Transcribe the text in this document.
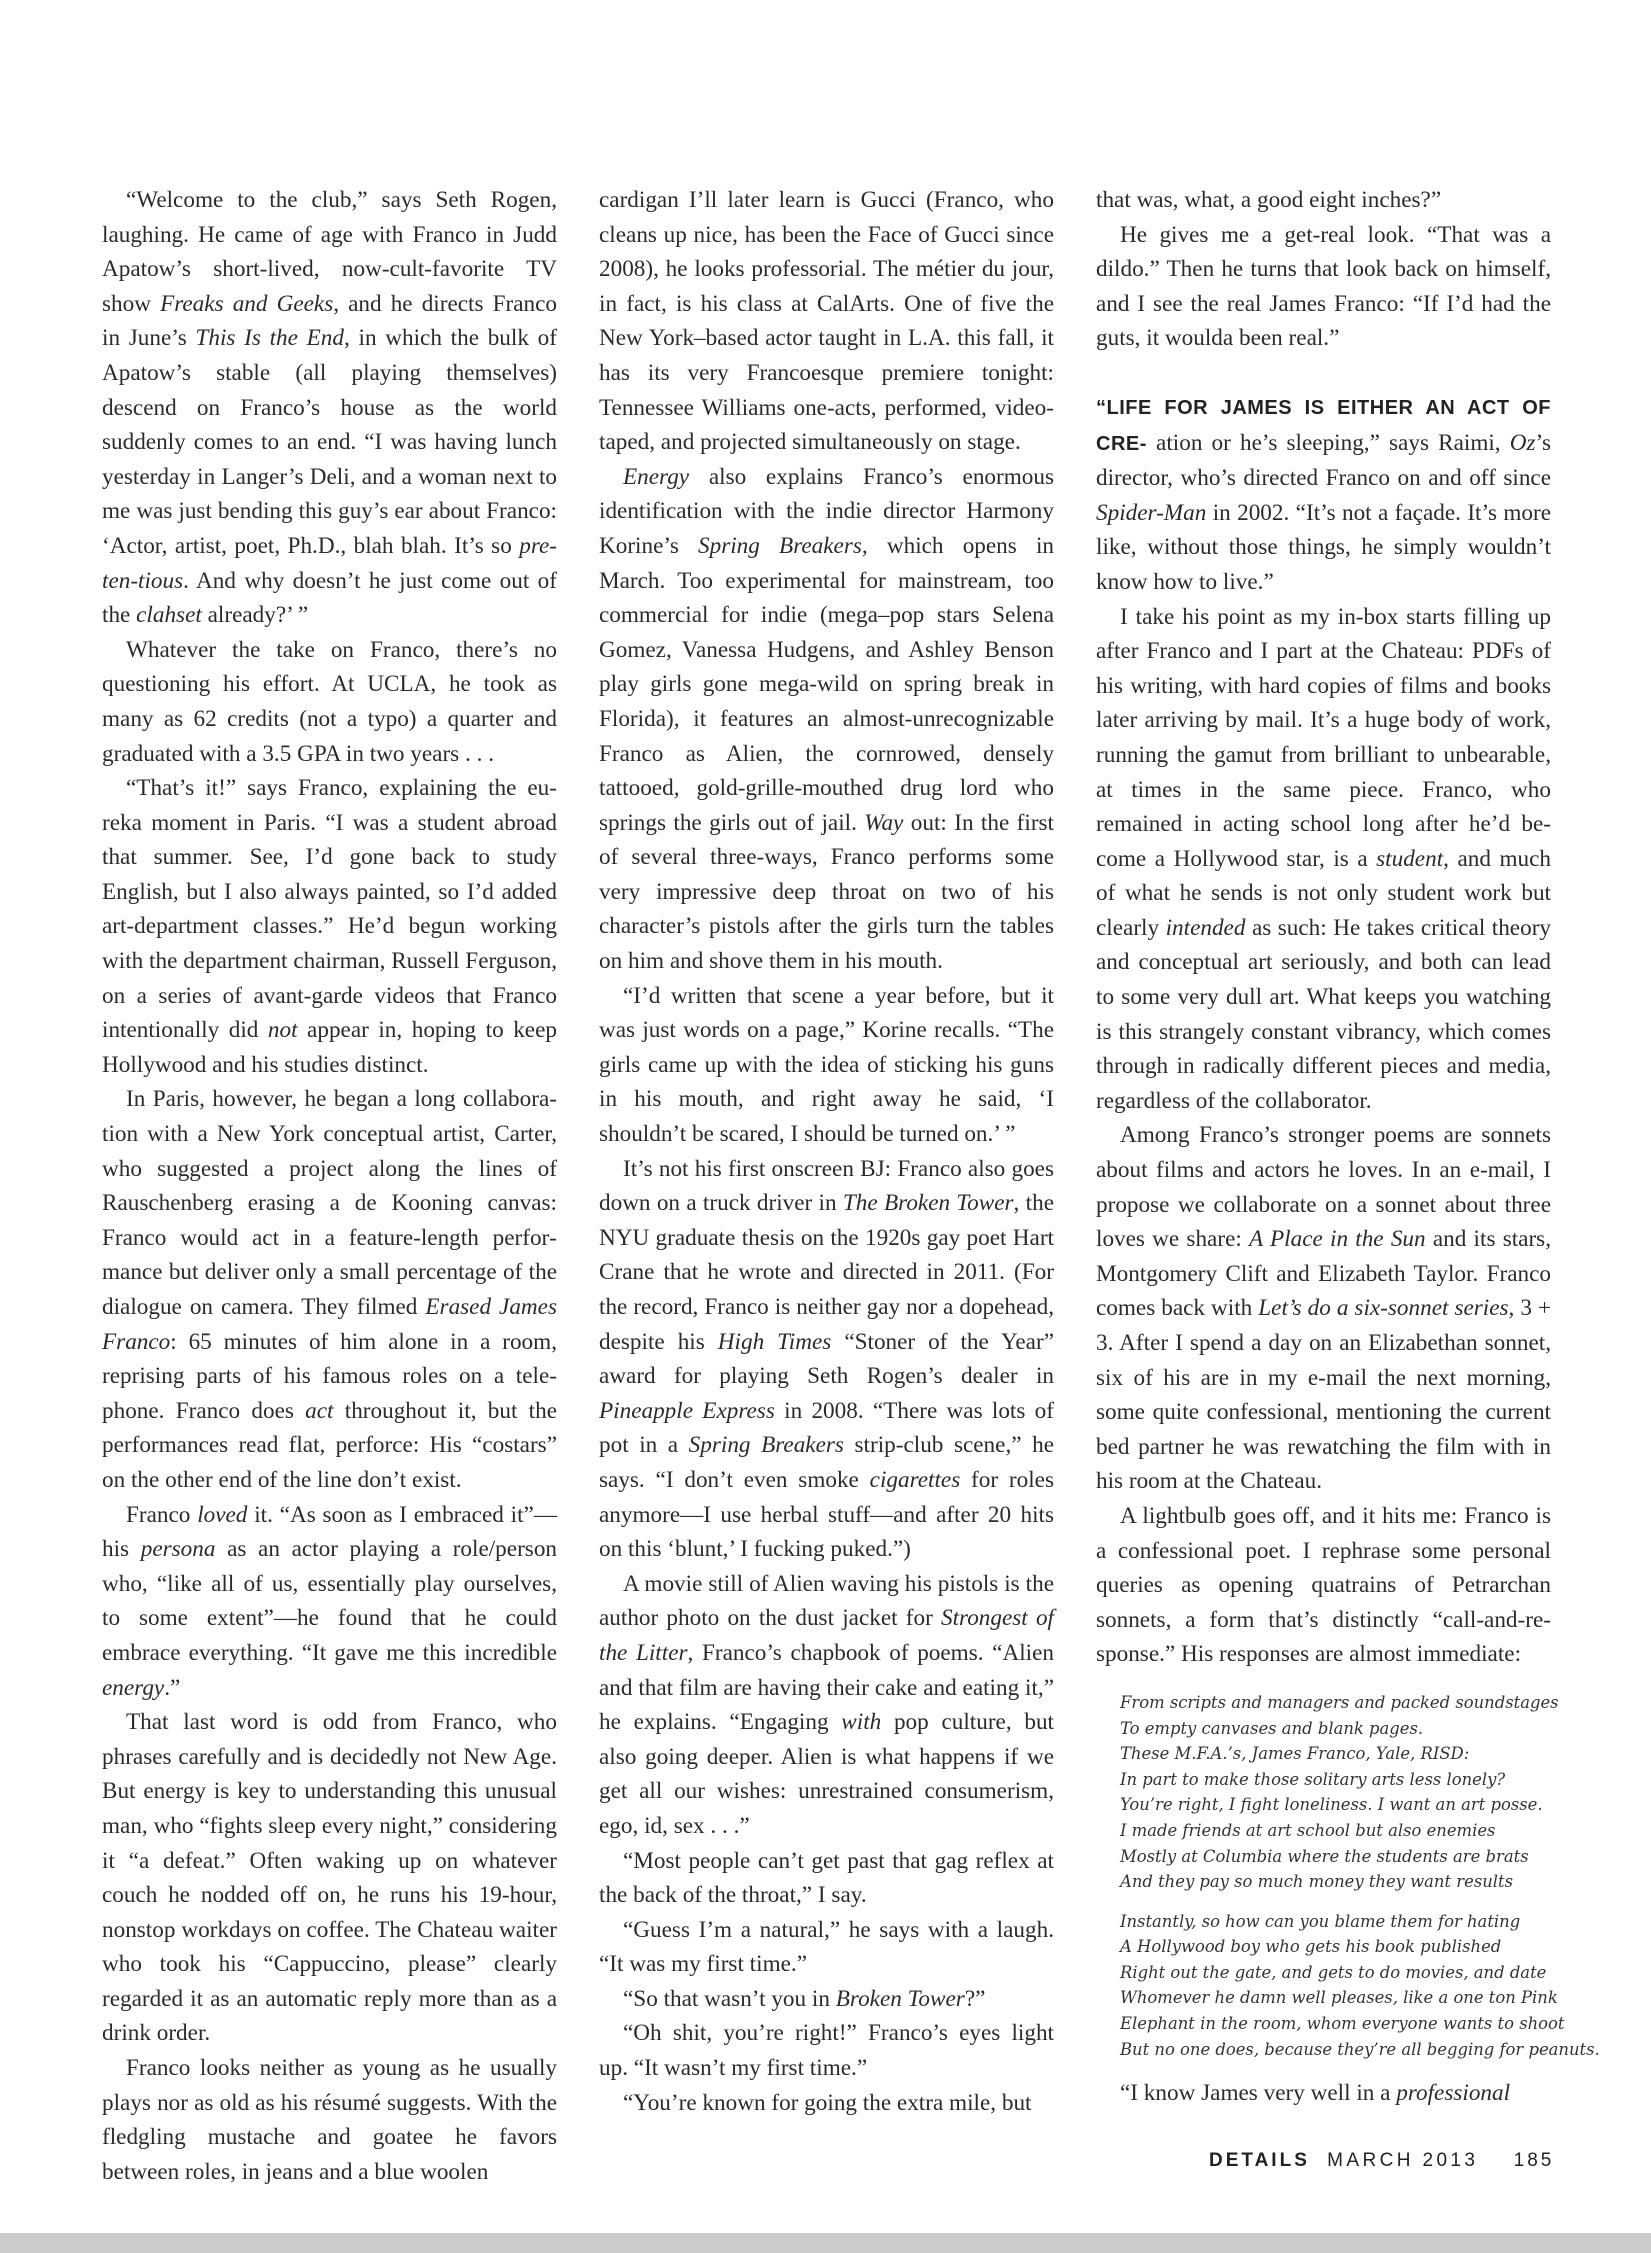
“Welcome to the club,” says Seth Rogen, laughing. He came of age with Franco in Judd Apatow’s short-lived, now-cult-favorite TV show Freaks and Geeks, and he directs Franco in June’s This Is the End, in which the bulk of Apatow’s stable (all playing themselves) descend on Franco’s house as the world suddenly comes to an end. “I was having lunch yesterday in Langer’s Deli, and a woman next to me was just bending this guy’s ear about Franco: ‘Actor, artist, poet, Ph.D., blah blah. It’s so pre-ten-tious. And why doesn’t he just come out of the clahset already?’ ”

Whatever the take on Franco, there’s no questioning his effort. At UCLA, he took as many as 62 credits (not a typo) a quarter and graduated with a 3.5 GPA in two years . . .

“That’s it!” says Franco, explaining the eureka moment in Paris. “I was a student abroad that summer. See, I’d gone back to study English, but I also always painted, so I’d added art-department classes.” He’d begun working with the department chairman, Russell Ferguson, on a series of avant-garde videos that Franco intentionally did not appear in, hoping to keep Hollywood and his studies distinct.

In Paris, however, he began a long collaboration with a New York conceptual artist, Carter, who suggested a project along the lines of Rauschenberg erasing a de Kooning canvas: Franco would act in a feature-length performance but deliver only a small percentage of the dialogue on camera. They filmed Erased James Franco: 65 minutes of him alone in a room, reprising parts of his famous roles on a telephone. Franco does act throughout it, but the performances read flat, perforce: His “costars” on the other end of the line don’t exist.

Franco loved it. “As soon as I embraced it”—his persona as an actor playing a role/person who, “like all of us, essentially play ourselves, to some extent”—he found that he could embrace everything. “It gave me this incredible energy.”

That last word is odd from Franco, who phrases carefully and is decidedly not New Age. But energy is key to understanding this unusual man, who “fights sleep every night,” considering it “a defeat.” Often waking up on whatever couch he nodded off on, he runs his 19-hour, nonstop workdays on coffee. The Chateau waiter who took his “Cappuccino, please” clearly regarded it as an automatic reply more than as a drink order.

Franco looks neither as young as he usually plays nor as old as his résumé suggests. With the fledgling mustache and goatee he favors between roles, in jeans and a blue woolen

cardigan I’ll later learn is Gucci (Franco, who cleans up nice, has been the Face of Gucci since 2008), he looks professorial. The métier du jour, in fact, is his class at CalArts. One of five the New York–based actor taught in L.A. this fall, it has its very Francoesque premiere tonight: Tennessee Williams one-acts, performed, videotaped, and projected simultaneously on stage.

Energy also explains Franco’s enormous identification with the indie director Harmony Korine’s Spring Breakers, which opens in March. Too experimental for mainstream, too commercial for indie (mega–pop stars Selena Gomez, Vanessa Hudgens, and Ashley Benson play girls gone mega-wild on spring break in Florida), it features an almost-unrecognizable Franco as Alien, the cornrowed, densely tattooed, gold-grille-mouthed drug lord who springs the girls out of jail. Way out: In the first of several three-ways, Franco performs some very impressive deep throat on two of his character’s pistols after the girls turn the tables on him and shove them in his mouth.

“I’d written that scene a year before, but it was just words on a page,” Korine recalls. “The girls came up with the idea of sticking his guns in his mouth, and right away he said, ‘I shouldn’t be scared, I should be turned on.’ ”

It’s not his first onscreen BJ: Franco also goes down on a truck driver in The Broken Tower, the NYU graduate thesis on the 1920s gay poet Hart Crane that he wrote and directed in 2011. (For the record, Franco is neither gay nor a dopehead, despite his High Times “Stoner of the Year” award for playing Seth Rogen’s dealer in Pineapple Express in 2008. “There was lots of pot in a Spring Breakers strip-club scene,” he says. “I don’t even smoke cigarettes for roles anymore—I use herbal stuff—and after 20 hits on this ‘blunt,’ I fucking puked.”)

A movie still of Alien waving his pistols is the author photo on the dust jacket for Strongest of the Litter, Franco’s chapbook of poems. “Alien and that film are having their cake and eating it,” he explains. “Engaging with pop culture, but also going deeper. Alien is what happens if we get all our wishes: unrestrained consumerism, ego, id, sex . . .”

“Most people can’t get past that gag reflex at the back of the throat,” I say.

“Guess I’m a natural,” he says with a laugh. “It was my first time.”

“So that wasn’t you in Broken Tower?”

“Oh shit, you’re right!” Franco’s eyes light up. “It wasn’t my first time.”

“You’re known for going the extra mile, but

that was, what, a good eight inches?”

He gives me a get-real look. “That was a dildo.” Then he turns that look back on himself, and I see the real James Franco: “If I’d had the guts, it woulda been real.”

“LIFE FOR JAMES IS EITHER AN ACT OF CRE- ation or he’s sleeping,” says Raimi, Oz’s director, who’s directed Franco on and off since Spider-Man in 2002. “It’s not a façade. It’s more like, without those things, he simply wouldn’t know how to live.”

I take his point as my in-box starts filling up after Franco and I part at the Chateau: PDFs of his writing, with hard copies of films and books later arriving by mail. It’s a huge body of work, running the gamut from brilliant to unbearable, at times in the same piece. Franco, who remained in acting school long after he’d become a Hollywood star, is a student, and much of what he sends is not only student work but clearly intended as such: He takes critical theory and conceptual art seriously, and both can lead to some very dull art. What keeps you watching is this strangely constant vibrancy, which comes through in radically different pieces and media, regardless of the collaborator.

Among Franco’s stronger poems are sonnets about films and actors he loves. In an e-mail, I propose we collaborate on a sonnet about three loves we share: A Place in the Sun and its stars, Montgomery Clift and Elizabeth Taylor. Franco comes back with Let’s do a six-sonnet series, 3 + 3. After I spend a day on an Elizabethan sonnet, six of his are in my e-mail the next morning, some quite confessional, mentioning the current bed partner he was rewatching the film with in his room at the Chateau.

A lightbulb goes off, and it hits me: Franco is a confessional poet. I rephrase some personal queries as opening quatrains of Petrarchan sonnets, a form that’s distinctly “call-and-response.” His responses are almost immediate:

From scripts and managers and packed soundstages
To empty canvases and blank pages.
These M.F.A.’s, James Franco, Yale, RISD:
In part to make those solitary arts less lonely?
You’re right, I fight loneliness. I want an art posse.
I made friends at art school but also enemies
Mostly at Columbia where the students are brats
And they pay so much money they want results
Instantly, so how can you blame them for hating
A Hollywood boy who gets his book published
Right out the gate, and gets to do movies, and date
Whomever he damn well pleases, like a one ton Pink
Elephant in the room, whom everyone wants to shoot
But no one does, because they’re all begging for peanuts.

“I know James very well in a professional

DETAILS MARCH 2013 185
